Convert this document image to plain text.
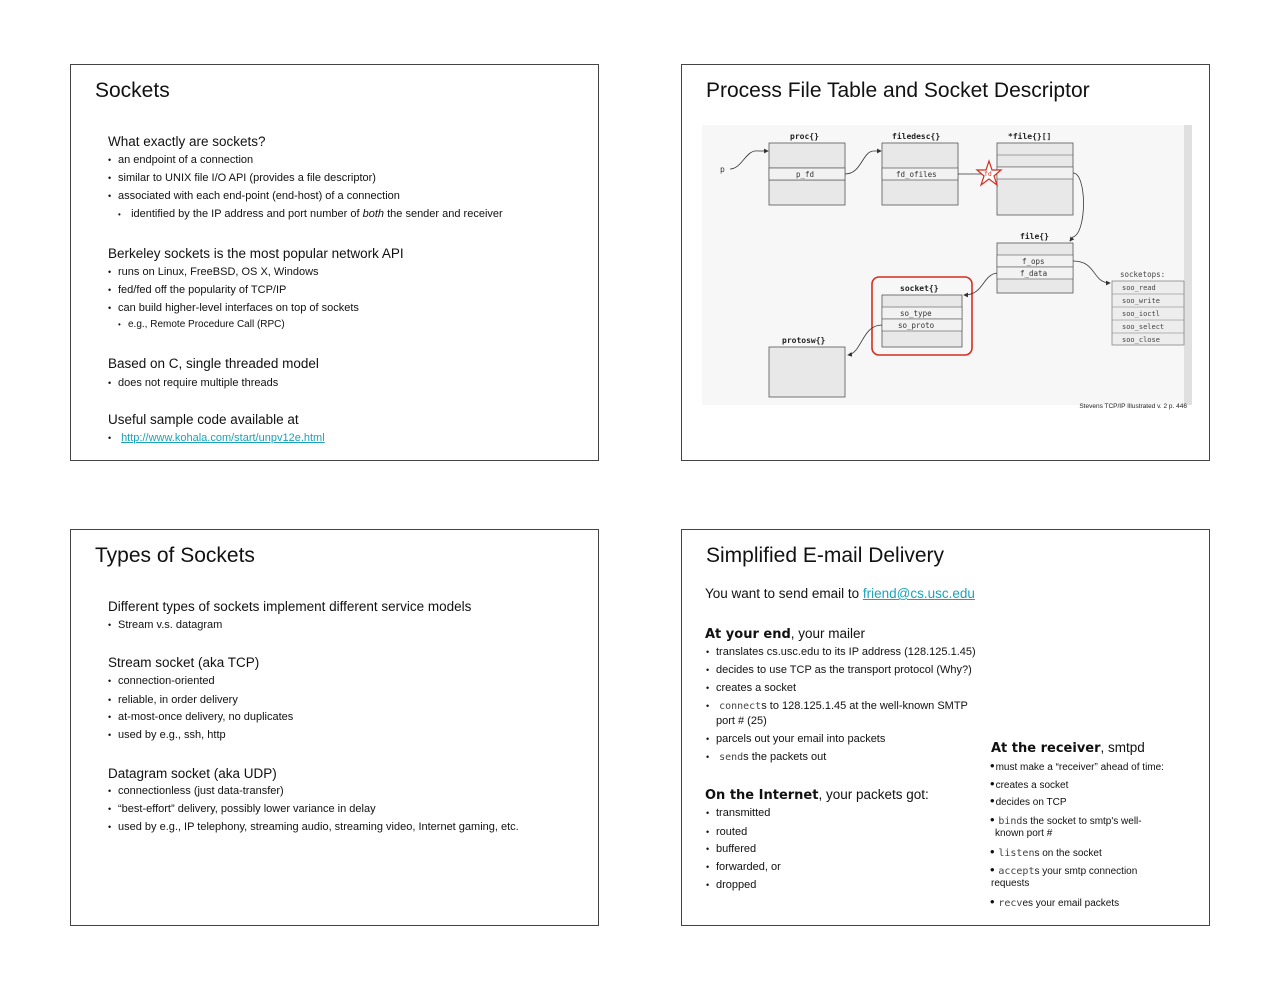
Sockets
What exactly are sockets?
• an endpoint of a connection
• similar to UNIX file I/O API (provides a file descriptor)
• associated with each end-point (end-host) of a connection
• identified by the IP address and port number of both the sender and receiver
Berkeley sockets is the most popular network API
• runs on Linux, FreeBSD, OS X, Windows
• fed/fed off the popularity of TCP/IP
• can build higher-level interfaces on top of sockets
• e.g., Remote Procedure Call (RPC)
Based on C, single threaded model
• does not require multiple threads
Useful sample code available at
• http://www.kohala.com/start/unpv12e.html
Process File Table and Socket Descriptor
proc{}
p_fd
p
filedesc{}
fd_ofiles
*file{}[]
fd
file{}
f_ops
f_data	socketops:
soo_read
soo_write
soo_ioctl
soo_select
soo_close
socket{}
so_type
so_proto
protosw{}
Stevens TCP/IP Illustrated v. 2 p. 446
Types of Sockets
Different types of sockets implement different service models
• Stream v.s. datagram
Stream socket (aka TCP)
• connection-oriented
• reliable, in order delivery
• at-most-once delivery, no duplicates
• used by e.g., ssh, http
Datagram socket (aka UDP)
• connectionless (just data-transfer)
• “best-effort” delivery, possibly lower variance in delay
• used by e.g., IP telephony, streaming audio, streaming video, Internet gaming, etc.
Simplified E-mail Delivery
You want to send email to friend@cs.usc.edu
At your end, your mailer
• translates cs.usc.edu to its IP address (128.125.1.45)
• decides to use TCP as the transport protocol (Why?)
• creates a socket
• connects to 128.125.1.45 at the well-known SMTP
port # (25)
• parcels out your email into packets
• sends the packets out
On the Internet, your packets got:
• transmitted
• routed
• buffered
• forwarded, or
• dropped
At the receiver, smtpd
• must make a “receiver” ahead of time:
• creates a socket
• decides on TCP
• binds the socket to smtp's well-
known port #
• listens on the socket
• accepts your smtp connection
requests
• recves your email packets
